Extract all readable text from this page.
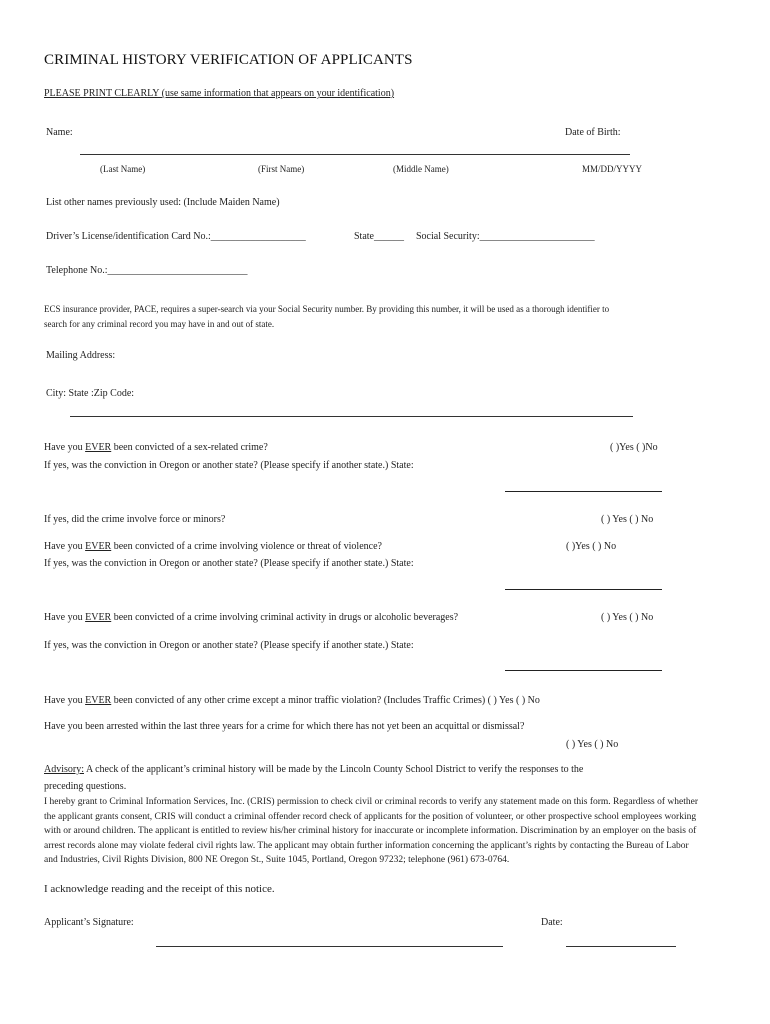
CRIMINAL HISTORY VERIFICATION OF APPLICANTS
PLEASE PRINT CLEARLY (use same information that appears on your identification)
Name:	Date of Birth:
(Last Name)	(First Name)	(Middle Name)	MM/DD/YYYY
List other names previously used: (Include Maiden Name)
Driver’s License/identification Card No.:___________________	State______ Social Security:_______________________
Telephone No.:____________________________
ECS insurance provider, PACE, requires a super-search via your Social Security number. By providing this number, it will be used as a thorough identifier to
search for any criminal record you may have in and out of state.
Mailing Address:
City: State :Zip Code:
Have you EVER been convicted of a sex-related crime?	( )Yes ( )No
If yes, was the conviction in Oregon or another state? (Please specify if another state.) State:
If yes, did the crime involve force or minors?	( ) Yes ( ) No
Have you EVER been convicted of a crime involving violence or threat of violence?	( )Yes ( ) No
If yes, was the conviction in Oregon or another state? (Please specify if another state.) State:
Have you EVER been convicted of a crime involving criminal activity in drugs or alcoholic beverages?	( ) Yes ( ) No
If yes, was the conviction in Oregon or another state? (Please specify if another state.) State:
Have you EVER been convicted of any other crime except a minor traffic violation? (Includes Traffic Crimes) ( ) Yes ( ) No
Have you been arrested within the last three years for a crime for which there has not yet been an acquittal or dismissal?
( ) Yes ( ) No
Advisory: A check of the applicant’s criminal history will be made by the Lincoln County School District to verify the responses to the
preceding questions.
I hereby grant to Criminal Information Services, Inc. (CRIS) permission to check civil or criminal records to verify any statement made on this form. Regardless of whether the applicant grants consent, CRIS will conduct a criminal offender record check of applicants for the position of volunteer, or other prospective school employees working with or around children. The applicant is entitled to review his/her criminal history for inaccurate or incomplete information. Discrimination by an employer on the basis of arrest records alone may violate federal civil rights law. The applicant may obtain further information concerning the applicant’s rights by contacting the Bureau of Labor and Industries, Civil Rights Division, 800 NE Oregon St., Suite 1045, Portland, Oregon 97232; telephone (961) 673-0764.
I acknowledge reading and the receipt of this notice.
Applicant’s Signature:	Date:
